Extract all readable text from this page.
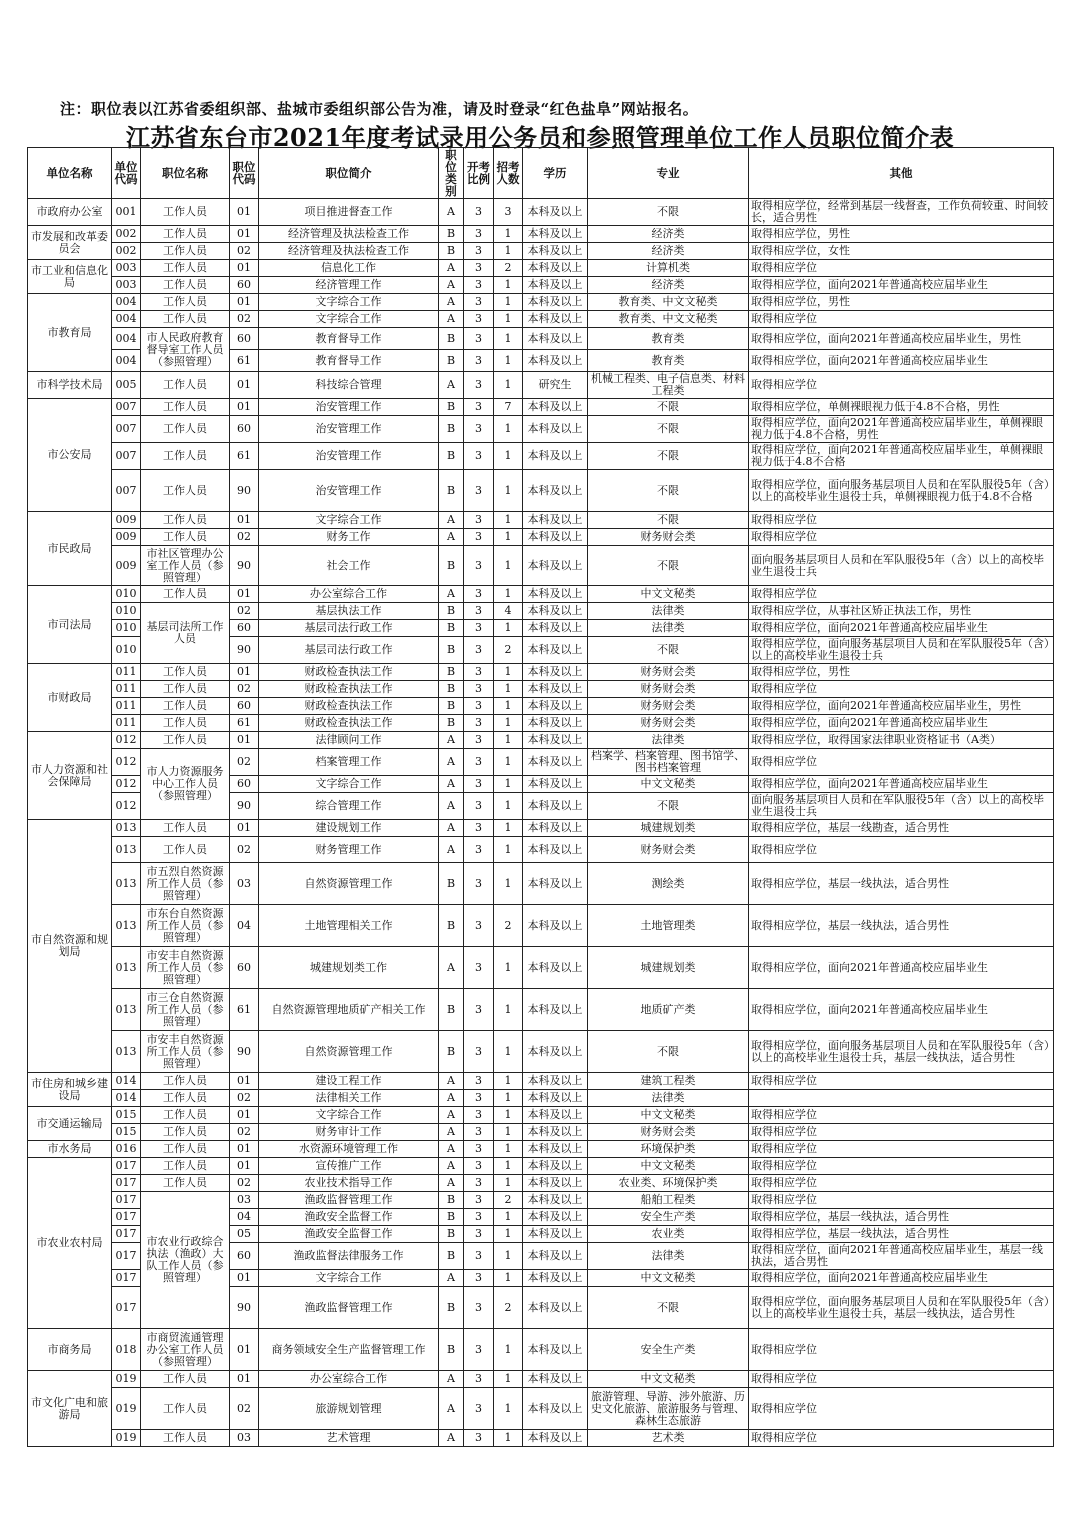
注：职位表以江苏省委组织部、盐城市委组织部公告为准，请及时登录“红色盐阜”网站报名。
江苏省东台市2021年度考试录用公务员和参照管理单位工作人员职位简介表
单位名称	单位代码	职位名称	职位代码	职位简介	职位类别	开考比例	招考人数	学历	专业	其他
市政府办公室	001	工作人员	01	项目推进督查工作	A	3	3	本科及以上	不限	取得相应学位，经常到基层一线督查，工作负荷较重、时间较长，适合男性
市发展和改革委员会	002	工作人员	01	经济管理及执法检查工作	B	3	1	本科及以上	经济类	取得相应学位，男性
	002	工作人员	02	经济管理及执法检查工作	B	3	1	本科及以上	经济类	取得相应学位，女性
市工业和信息化局	003	工作人员	01	信息化工作	A	3	2	本科及以上	计算机类	取得相应学位
	003	工作人员	60	经济管理工作	A	3	1	本科及以上	经济类	取得相应学位，面向2021年普通高校应届毕业生
市教育局	004	工作人员	01	文字综合工作	A	3	1	本科及以上	教育类、中文文秘类	取得相应学位，男性
	004	工作人员	02	文字综合工作	A	3	1	本科及以上	教育类、中文文秘类	取得相应学位
	004	市人民政府教育督导室工作人员（参照管理）	60	教育督导工作	B	3	1	本科及以上	教育类	取得相应学位，面向2021年普通高校应届毕业生，男性
	004		61	教育督导工作	B	3	1	本科及以上	教育类	取得相应学位，面向2021年普通高校应届毕业生
市科学技术局	005	工作人员	01	科技综合管理	A	3	1	研究生	机械工程类、电子信息类、材料工程类	取得相应学位
市公安局	007	工作人员	01	治安管理工作	B	3	7	本科及以上	不限	取得相应学位，单侧裸眼视力低于4.8不合格，男性
	007	工作人员	60	治安管理工作	B	3	1	本科及以上	不限	取得相应学位，面向2021年普通高校应届毕业生，单侧裸眼视力低于4.8不合格，男性
	007	工作人员	61	治安管理工作	B	3	1	本科及以上	不限	取得相应学位，面向2021年普通高校应届毕业生，单侧裸眼视力低于4.8不合格
	007	工作人员	90	治安管理工作	B	3	1	本科及以上	不限	取得相应学位，面向服务基层项目人员和在军队服役5年（含）以上的高校毕业生退役士兵，单侧裸眼视力低于4.8不合格
市民政局	009	工作人员	01	文字综合工作	A	3	1	本科及以上	不限	取得相应学位
	009	工作人员	02	财务工作	A	3	1	本科及以上	财务财会类	取得相应学位
	009	市社区管理办公室工作人员（参照管理）	90	社会工作	B	3	1	本科及以上	不限	面向服务基层项目人员和在军队服役5年（含）以上的高校毕业生退役士兵
市司法局	010	工作人员	01	办公室综合工作	A	3	1	本科及以上	中文文秘类	取得相应学位
	010	基层司法所工作人员	02	基层执法工作	B	3	4	本科及以上	法律类	取得相应学位，从事社区矫正执法工作，男性
	010		60	基层司法行政工作	B	3	1	本科及以上	法律类	取得相应学位，面向2021年普通高校应届毕业生
	010		90	基层司法行政工作	B	3	2	本科及以上	不限	取得相应学位，面向服务基层项目人员和在军队服役5年（含）以上的高校毕业生退役士兵
市财政局	011	工作人员	01	财政检查执法工作	B	3	1	本科及以上	财务财会类	取得相应学位，男性
	011	工作人员	02	财政检查执法工作	B	3	1	本科及以上	财务财会类	取得相应学位
	011	工作人员	60	财政检查执法工作	B	3	1	本科及以上	财务财会类	取得相应学位，面向2021年普通高校应届毕业生，男性
	011	工作人员	61	财政检查执法工作	B	3	1	本科及以上	财务财会类	取得相应学位，面向2021年普通高校应届毕业生
市人力资源和社会保障局	012	工作人员	01	法律顾问工作	A	3	1	本科及以上	法律类	取得相应学位，取得国家法律职业资格证书（A类）
	012	市人力资源服务中心工作人员（参照管理）	02	档案管理工作	A	3	1	本科及以上	档案学、档案管理、图书馆学、图书档案管理	取得相应学位
	012		60	文字综合工作	A	3	1	本科及以上	中文文秘类	取得相应学位，面向2021年普通高校应届毕业生
	012		90	综合管理工作	A	3	1	本科及以上	不限	面向服务基层项目人员和在军队服役5年（含）以上的高校毕业生退役士兵
市自然资源和规划局	013	工作人员	01	建设规划工作	A	3	1	本科及以上	城建规划类	取得相应学位，基层一线勘查，适合男性
	013	工作人员	02	财务管理工作	A	3	1	本科及以上	财务财会类	取得相应学位
	013	市五烈自然资源所工作人员（参照管理）	03	自然资源管理工作	B	3	1	本科及以上	测绘类	取得相应学位，基层一线执法，适合男性
	013	市东台自然资源所工作人员（参照管理）	04	土地管理相关工作	B	3	2	本科及以上	土地管理类	取得相应学位，基层一线执法，适合男性
	013	市安丰自然资源所工作人员（参照管理）	60	城建规划类工作	A	3	1	本科及以上	城建规划类	取得相应学位，面向2021年普通高校应届毕业生
	013	市三仓自然资源所工作人员（参照管理）	61	自然资源管理地质矿产相关工作	B	3	1	本科及以上	地质矿产类	取得相应学位，面向2021年普通高校应届毕业生
	013	市安丰自然资源所工作人员（参照管理）	90	自然资源管理工作	B	3	1	本科及以上	不限	取得相应学位，面向服务基层项目人员和在军队服役5年（含）以上的高校毕业生退役士兵，基层一线执法，适合男性
市住房和城乡建设局	014	工作人员	01	建设工程工作	A	3	1	本科及以上	建筑工程类	取得相应学位
	014	工作人员	02	法律相关工作	A	3	1	本科及以上	法律类	
市交通运输局	015	工作人员	01	文字综合工作	A	3	1	本科及以上	中文文秘类	取得相应学位
	015	工作人员	02	财务审计工作	A	3	1	本科及以上	财务财会类	取得相应学位
市水务局	016	工作人员	01	水资源环境管理工作	A	3	1	本科及以上	环境保护类	取得相应学位
市农业农村局	017	工作人员	01	宣传推广工作	A	3	1	本科及以上	中文文秘类	取得相应学位
	017	工作人员	02	农业技术指导工作	A	3	1	本科及以上	农业类、环境保护类	取得相应学位
	017	市农业行政综合执法（渔政）大队工作人员（参照管理）	03	渔政监督管理工作	B	3	2	本科及以上	船舶工程类	取得相应学位
	017		04	渔政安全监督工作	B	3	1	本科及以上	安全生产类	取得相应学位，基层一线执法，适合男性
	017		05	渔政安全监督工作	B	3	1	本科及以上	农业类	取得相应学位，基层一线执法，适合男性
	017		60	渔政监督法律服务工作	B	3	1	本科及以上	法律类	取得相应学位，面向2021年普通高校应届毕业生，基层一线执法，适合男性
	017		01	文字综合工作	A	3	1	本科及以上	中文文秘类	取得相应学位，面向2021年普通高校应届毕业生
	017		90	渔政监督管理工作	B	3	2	本科及以上	不限	取得相应学位，面向服务基层项目人员和在军队服役5年（含）以上的高校毕业生退役士兵，基层一线执法，适合男性
市商务局	018	市商贸流通管理办公室工作人员（参照管理）	01	商务领域安全生产监督管理工作	B	3	1	本科及以上	安全生产类	取得相应学位
市文化广电和旅游局	019	工作人员	01	办公室综合工作	A	3	1	本科及以上	中文文秘类	取得相应学位
	019	工作人员	02	旅游规划管理	A	3	1	本科及以上	旅游管理、导游、涉外旅游、历史文化旅游、旅游服务与管理、森林生态旅游	取得相应学位
	019	工作人员	03	艺术管理	A	3	1	本科及以上	艺术类	取得相应学位
